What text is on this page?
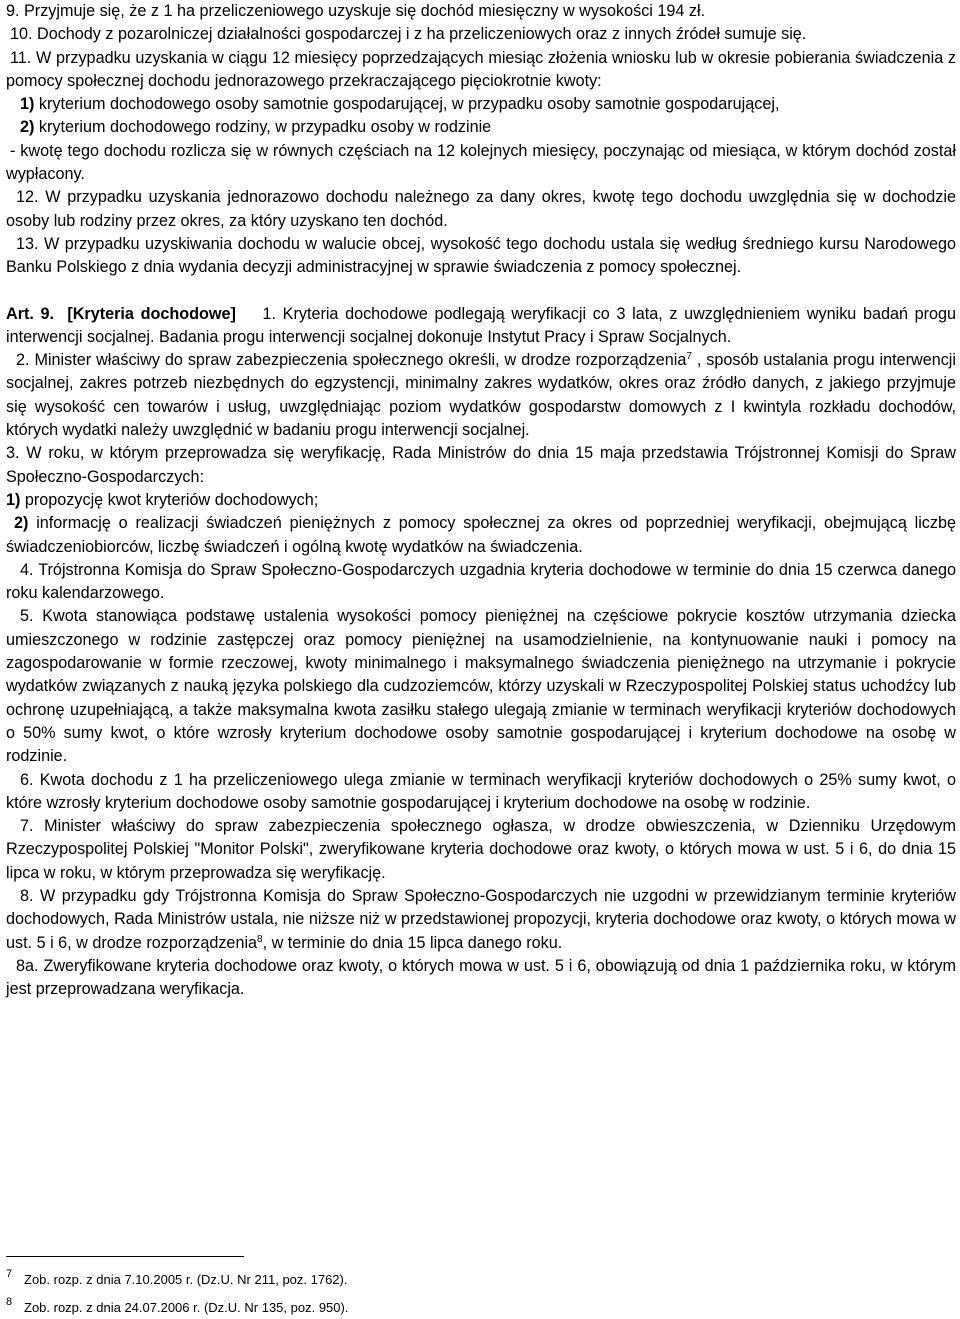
9. Przyjmuje się, że z 1 ha przeliczeniowego uzyskuje się dochód miesięczny w wysokości 194 zł.

10. Dochody z pozarolniczej działalności gospodarczej i z ha przeliczeniowych oraz z innych źródeł sumuje się.

11. W przypadku uzyskania w ciągu 12 miesięcy poprzedzających miesiąc złożenia wniosku lub w okresie pobierania świadczenia z pomocy społecznej dochodu jednorazowego przekraczającego pięciokrotnie kwoty:

1) kryterium dochodowego osoby samotnie gospodarującej, w przypadku osoby samotnie gospodarującej,

2) kryterium dochodowego rodziny, w przypadku osoby w rodzinie

- kwotę tego dochodu rozlicza się w równych częściach na 12 kolejnych miesięcy, poczynając od miesiąca, w którym dochód został wypłacony.

12. W przypadku uzyskania jednorazowo dochodu należnego za dany okres, kwotę tego dochodu uwzględnia się w dochodzie osoby lub rodziny przez okres, za który uzyskano ten dochód.

13. W przypadku uzyskiwania dochodu w walucie obcej, wysokość tego dochodu ustala się według średniego kursu Narodowego Banku Polskiego z dnia wydania decyzji administracyjnej w sprawie świadczenia z pomocy społecznej.

Art. 9. [Kryteria dochodowe] 1. Kryteria dochodowe podlegają weryfikacji co 3 lata, z uwzględnieniem wyniku badań progu interwencji socjalnej. Badania progu interwencji socjalnej dokonuje Instytut Pracy i Spraw Socjalnych.

2. Minister właściwy do spraw zabezpieczenia społecznego określi, w drodze rozporządzenia$^7$ , sposób ustalania progu interwencji socjalnej, zakres potrzeb niezbędnych do egzystencji, minimalny zakres wydatków, okres oraz źródło danych, z jakiego przyjmuje się wysokość cen towarów i usług, uwzględniając poziom wydatków gospodarstw domowych z I kwintyla rozkładu dochodów, których wydatki należy uwzględnić w badaniu progu interwencji socjalnej.

3. W roku, w którym przeprowadza się weryfikację, Rada Ministrów do dnia 15 maja przedstawia Trójstronnej Komisji do Spraw Społeczno-Gospodarczych:

1) propozycję kwot kryteriów dochodowych;

2) informację o realizacji świadczeń pieniężnych z pomocy społecznej za okres od poprzedniej weryfikacji, obejmującą liczbę świadczeniobiorców, liczbę świadczeń i ogólną kwotę wydatków na świadczenia.

4. Trójstronna Komisja do Spraw Społeczno-Gospodarczych uzgadnia kryteria dochodowe w terminie do dnia 15 czerwca danego roku kalendarzowego.

5. Kwota stanowiąca podstawę ustalenia wysokości pomocy pieniężnej na częściowe pokrycie kosztów utrzymania dziecka umieszczonego w rodzinie zastępczej oraz pomocy pieniężnej na usamodzielnienie, na kontynuowanie nauki i pomocy na zagospodarowanie w formie rzeczowej, kwoty minimalnego i maksymalnego świadczenia pieniężnego na utrzymanie i pokrycie wydatków związanych z nauką języka polskiego dla cudzoziemców, którzy uzyskali w Rzeczypospolitej Polskiej status uchodźcy lub ochronę uzupełniającą, a także maksymalna kwota zasiłku stałego ulegają zmianie w terminach weryfikacji kryteriów dochodowych o 50% sumy kwot, o które wzrosły kryterium dochodowe osoby samotnie gospodarującej i kryterium dochodowe na osobę w rodzinie.

6. Kwota dochodu z 1 ha przeliczeniowego ulega zmianie w terminach weryfikacji kryteriów dochodowych o 25% sumy kwot, o które wzrosły kryterium dochodowe osoby samotnie gospodarującej i kryterium dochodowe na osobę w rodzinie.

7. Minister właściwy do spraw zabezpieczenia społecznego ogłasza, w drodze obwieszczenia, w Dzienniku Urzędowym Rzeczypospolitej Polskiej "Monitor Polski", zweryfikowane kryteria dochodowe oraz kwoty, o których mowa w ust. 5 i 6, do dnia 15 lipca w roku, w którym przeprowadza się weryfikację.

8. W przypadku gdy Trójstronna Komisja do Spraw Społeczno-Gospodarczych nie uzgodni w przewidzianym terminie kryteriów dochodowych, Rada Ministrów ustala, nie niższe niż w przedstawionej propozycji, kryteria dochodowe oraz kwoty, o których mowa w ust. 5 i 6, w drodze rozporządzenia$^8$, w terminie do dnia 15 lipca danego roku.

8a. Zweryfikowane kryteria dochodowe oraz kwoty, o których mowa w ust. 5 i 6, obowiązują od dnia 1 października roku, w którym jest przeprowadzana weryfikacja.

7 Zob. rozp. z dnia 7.10.2005 r. (Dz.U. Nr 211, poz. 1762).
8 Zob. rozp. z dnia 24.07.2006 r. (Dz.U. Nr 135, poz. 950).
